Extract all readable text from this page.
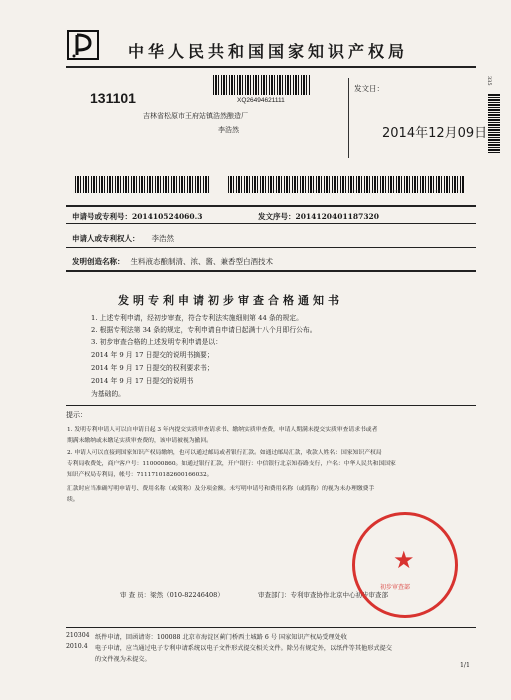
中华人民共和国国家知识产权局
131101	XQ26494621111
吉林省松原市王府站镇浩然酿造厂
李浩然
发文日：
2014年12月09日
335
申请号或专利号：201410524060.3	发文序号：2014120401187320
申请人或专利权人： 李浩然
发明创造名称： 生料液态酿制清、浓、酱、兼香型白酒技术
发明专利申请初步审查合格通知书
1. 上述专利申请，经初步审查，符合专利法实施细则第 44 条的规定。
2. 根据专利法第 34 条的规定，专利申请自申请日起满十八个月即行公布。
3. 初步审查合格的上述发明专利申请是以：
2014 年 9 月 17 日提交的说明书摘要；
2014 年 9 月 17 日提交的权利要求书；
2014 年 9 月 17 日提交的说明书
为基础的。
提示：
1. 发明专利申请人可以自申请日起 3 年内提交实质审查请求书、缴纳实质审查费，申请人期满未提交实质审查请求书或者
期满未缴纳或未缴足实质审查费的，该申请被视为撤回。
2. 申请人可以直接到国家知识产权局缴纳，也可以通过邮局或者银行汇款。如通过邮局汇款，收款人姓名：国家知识产权局
专利局收费处，商户客户号：110000860。如通过银行汇款，开户银行：中信银行北京知春路支行，户名：中华人民共和国国家
知识产权局专利局，帐号：7111710182600166032。
汇款时应当准确写明申请号、费用名称（或简称）及分项金额。未写明申请号和费用名称（或简称）的视为未办理缴费手
续。
审 查 员：梁然（010-82246408）	审查部门：专利审查协作北京中心初步审查部
★
初步审查部
210304
2010.4
纸件申请，回函请寄：100088 北京市海淀区蓟门桥西土城路 6 号 国家知识产权局受理处收
电子申请，应当通过电子专利申请系统以电子文件形式提交相关文件。除另有规定外，以纸件等其他形式提交
的文件视为未提交。
1/1
